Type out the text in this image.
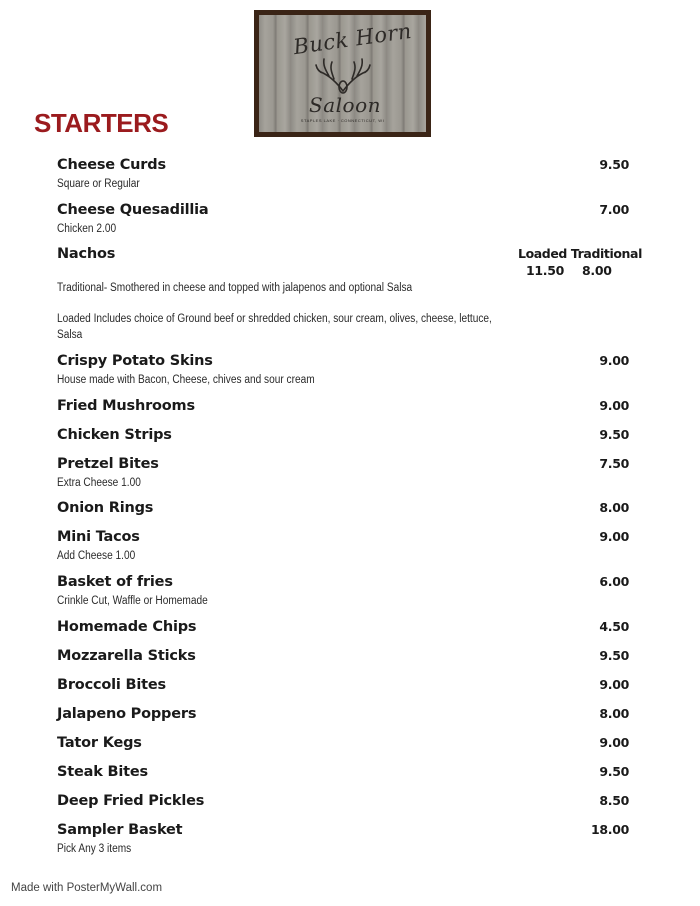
Buck Horn
Saloon
STAPLES LAKE · CONNECTICUT, WI
STARTERS
Cheese Curds	9.50
Square or Regular
Cheese Quesadillia	7.00
Chicken 2.00
Nachos	Loaded Traditional
11.50 8.00
Traditional- Smothered in cheese and topped with jalapenos and optional Salsa
Loaded Includes choice of Ground beef or shredded chicken, sour cream, olives, cheese, lettuce, Salsa
Crispy Potato Skins	9.00
House made with Bacon, Cheese, chives and sour cream
Fried Mushrooms	9.00
Chicken Strips	9.50
Pretzel Bites	7.50
Extra Cheese 1.00
Onion Rings	8.00
Mini Tacos	9.00
Add Cheese 1.00
Basket of fries	6.00
Crinkle Cut, Waffle or Homemade
Homemade Chips	4.50
Mozzarella Sticks	9.50
Broccoli Bites	9.00
Jalapeno Poppers	8.00
Tator Kegs	9.00
Steak Bites	9.50
Deep Fried Pickles	8.50
Sampler Basket	18.00
Pick Any 3 items
Made with PosterMyWall.com
